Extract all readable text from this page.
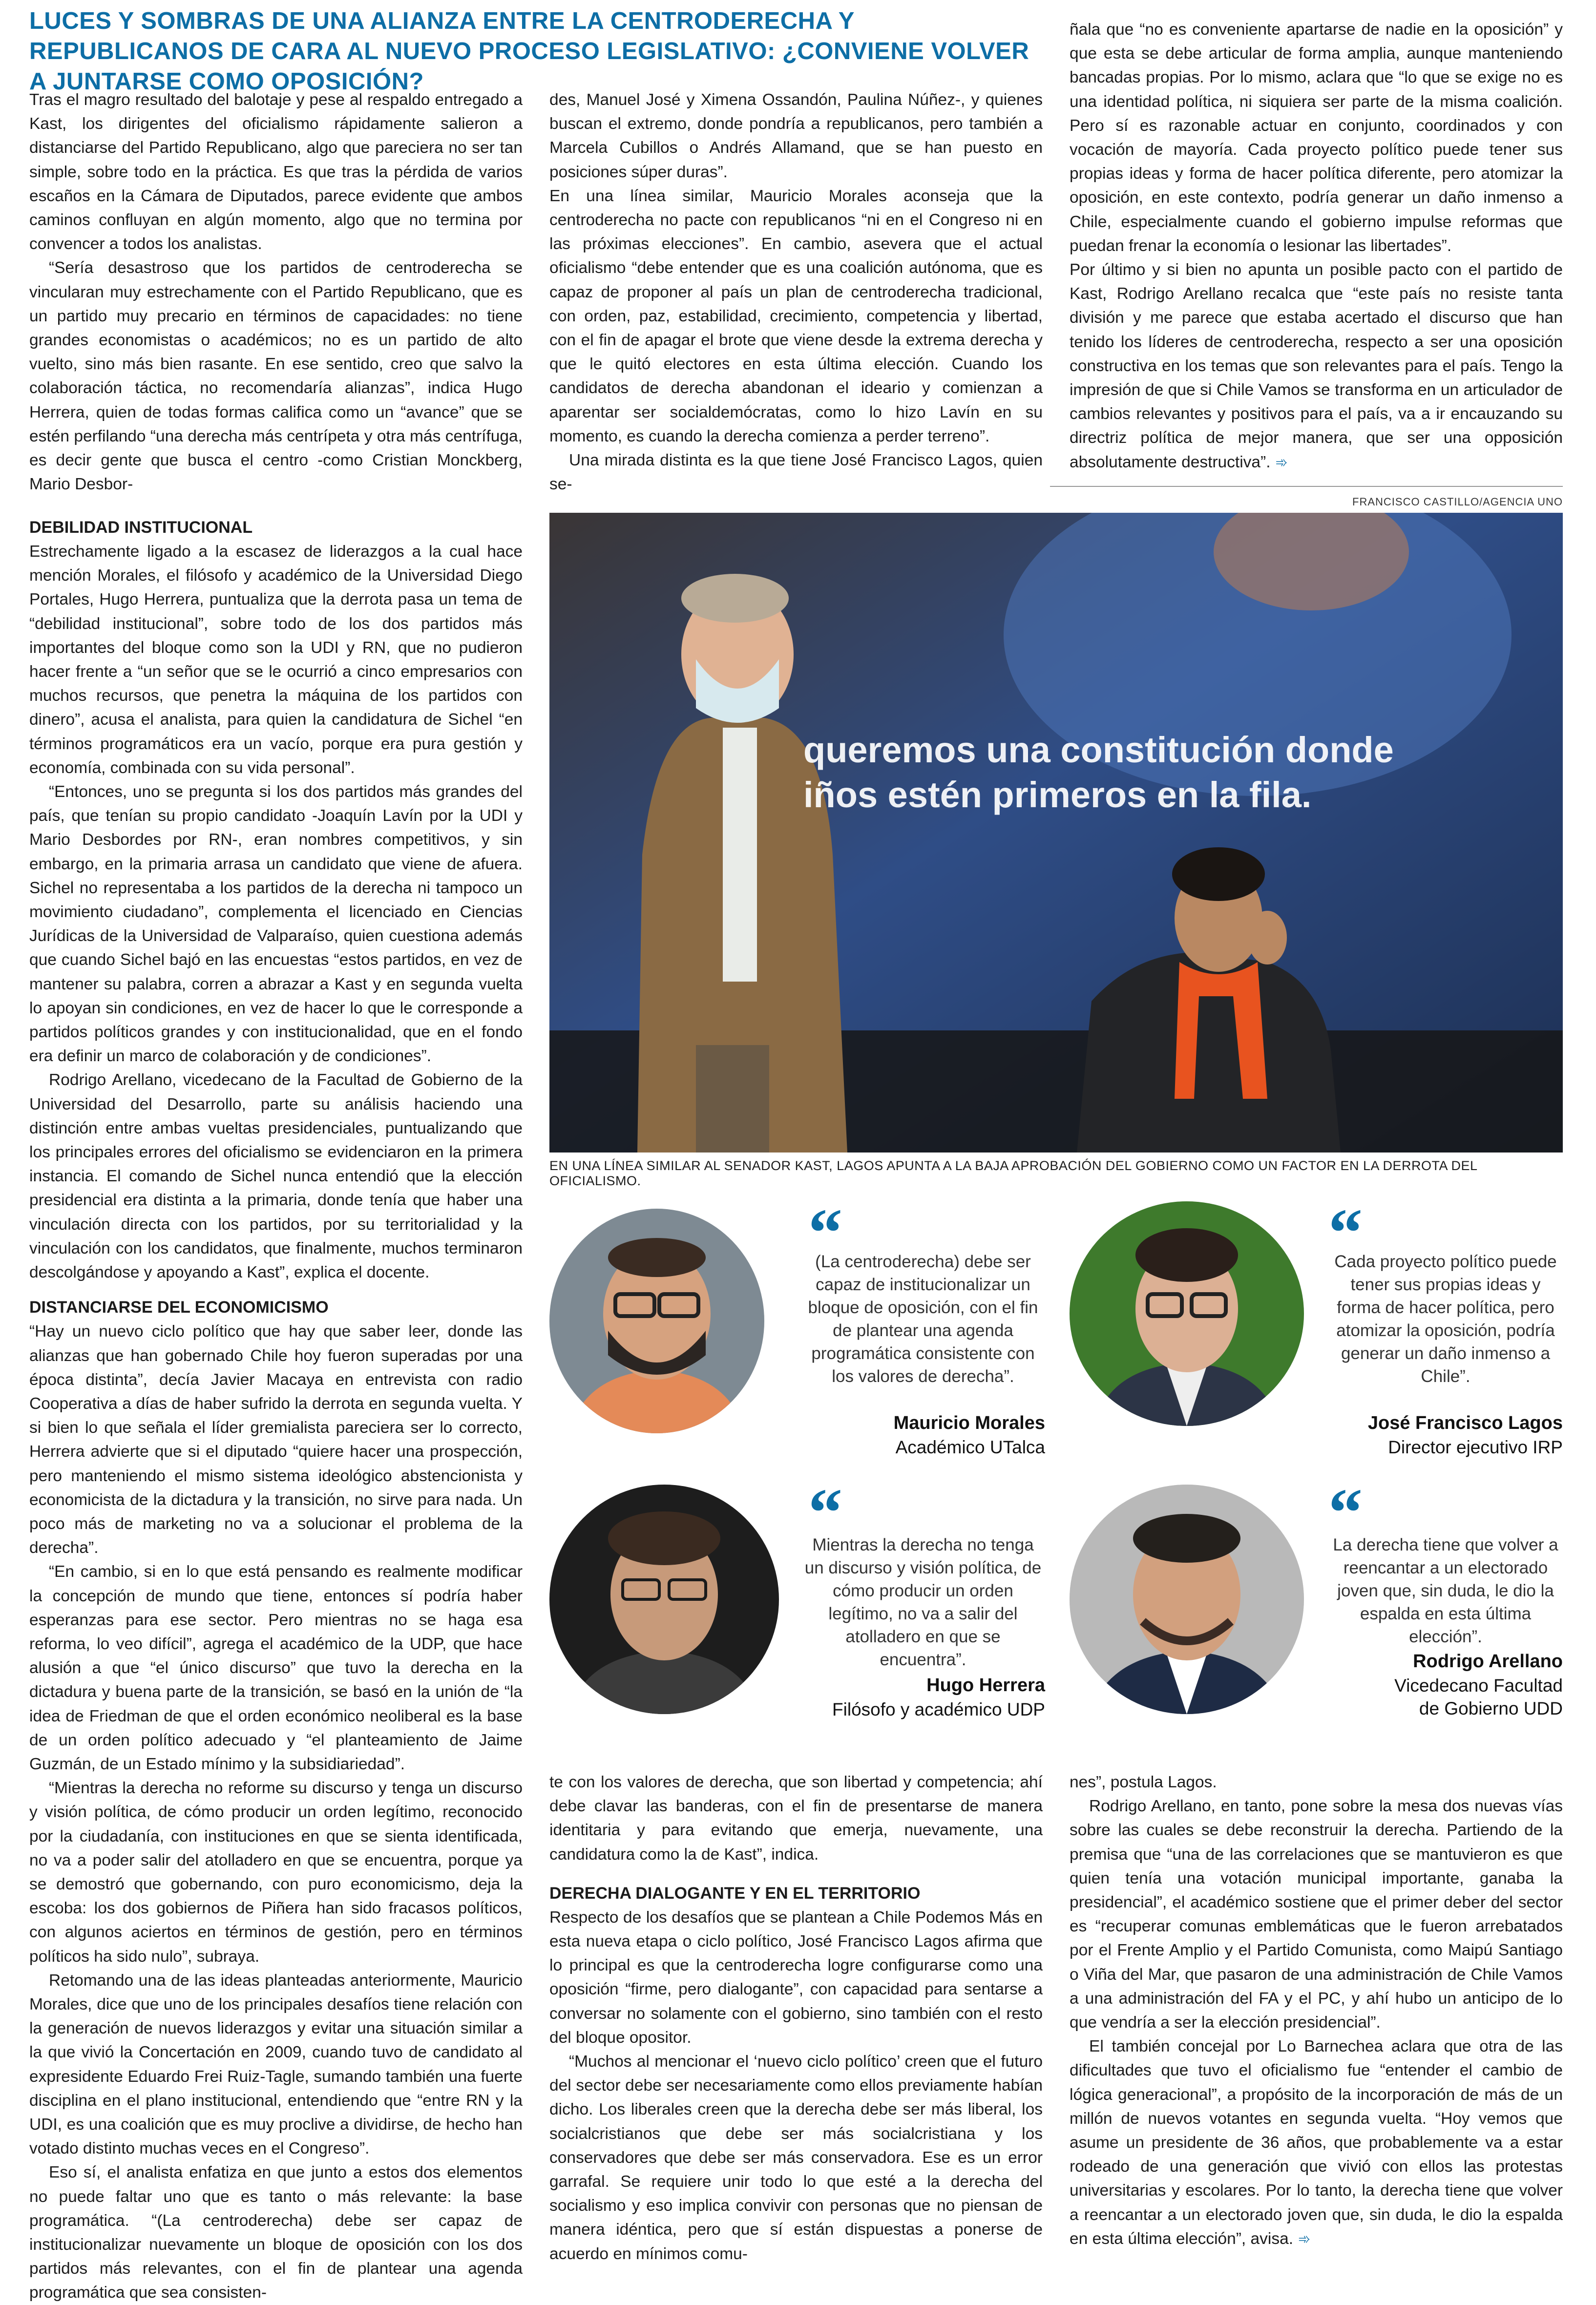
LUCES Y SOMBRAS DE UNA ALIANZA ENTRE LA CENTRODERECHA Y REPUBLICANOS DE CARA AL NUEVO PROCESO LEGISLATIVO: ¿CONVIENE VOLVER A JUNTARSE COMO OPOSICIÓN?

Tras el magro resultado del balotaje y pese al respaldo entregado a Kast, los dirigentes del oficialismo rápidamente salieron a distanciarse del Partido Republicano, algo que pareciera no ser tan simple, sobre todo en la práctica. Es que tras la pérdida de varios escaños en la Cámara de Diputados, parece evidente que ambos caminos confluyan en algún momento, algo que no termina por convencer a todos los analistas.

“Sería desastroso que los partidos de centroderecha se vincularan muy estrechamente con el Partido Republicano, que es un partido muy precario en términos de capacidades: no tiene grandes economistas o académicos; no es un partido de alto vuelto, sino más bien rasante. En ese sentido, creo que salvo la colaboración táctica, no recomendaría alianzas”, indica Hugo Herrera, quien de todas formas califica como un “avance” que se estén perfilando “una derecha más centrípeta y otra más centrífuga, es decir gente que busca el centro -como Cristian Monckberg, Mario Desbor-

des, Manuel José y Ximena Ossandón, Paulina Núñez-, y quienes buscan el extremo, donde pondría a republicanos, pero también a Marcela Cubillos o Andrés Allamand, que se han puesto en posiciones súper duras”.

En una línea similar, Mauricio Morales aconseja que la centroderecha no pacte con republicanos “ni en el Congreso ni en las próximas elecciones”. En cambio, asevera que el actual oficialismo “debe entender que es una coalición autónoma, que es capaz de proponer al país un plan de centroderecha tradicional, con orden, paz, estabilidad, crecimiento, competencia y libertad, con el fin de apagar el brote que viene desde la extrema derecha y que le quitó electores en esta última elección. Cuando los candidatos de derecha abandonan el ideario y comienzan a aparentar ser socialdemócratas, como lo hizo Lavín en su momento, es cuando la derecha comienza a perder terreno”.

Una mirada distinta es la que tiene José Francisco Lagos, quien se-

ñala que “no es conveniente apartarse de nadie en la oposición” y que esta se debe articular de forma amplia, aunque manteniendo bancadas propias. Por lo mismo, aclara que “lo que se exige no es una identidad política, ni siquiera ser parte de la misma coalición. Pero sí es razonable actuar en conjunto, coordinados y con vocación de mayoría. Cada proyecto político puede tener sus propias ideas y forma de hacer política diferente, pero atomizar la oposición, en este contexto, podría generar un daño inmenso a Chile, especialmente cuando el gobierno impulse reformas que puedan frenar la economía o lesionar las libertades”.

Por último y si bien no apunta un posible pacto con el partido de Kast, Rodrigo Arellano recalca que “este país no resiste tanta división y me parece que estaba acertado el discurso que han tenido los líderes de centroderecha, respecto a ser una oposición constructiva en los temas que son relevantes para el país. Tengo la impresión de que si Chile Vamos se transforma en un articulador de cambios relevantes y positivos para el país, va a ir encauzando su directriz política de mejor manera, que ser una opposición absolutamente destructiva”. ➾

FRANCISCO CASTILLO/AGENCIA UNO
queremos una constitución donde
iños estén primeros en la fila.
EN UNA LÍNEA SIMILAR AL SENADOR KAST, LAGOS APUNTA A LA BAJA APROBACIÓN DEL GOBIERNO COMO UN FACTOR EN LA DERROTA DEL OFICIALISMO.
DEBILIDAD INSTITUCIONAL

Estrechamente ligado a la escasez de liderazgos a la cual hace mención Morales, el filósofo y académico de la Universidad Diego Portales, Hugo Herrera, puntualiza que la derrota pasa un tema de “debilidad institucional”, sobre todo de los dos partidos más importantes del bloque como son la UDI y RN, que no pudieron hacer frente a “un señor que se le ocurrió a cinco empresarios con muchos recursos, que penetra la máquina de los partidos con dinero”, acusa el analista, para quien la candidatura de Sichel “en términos programáticos era un vacío, porque era pura gestión y economía, combinada con su vida personal”.

“Entonces, uno se pregunta si los dos partidos más grandes del país, que tenían su propio candidato -Joaquín Lavín por la UDI y Mario Desbordes por RN-, eran nombres competitivos, y sin embargo, en la primaria arrasa un candidato que viene de afuera. Sichel no representaba a los partidos de la derecha ni tampoco un movimiento ciudadano”, complementa el licenciado en Ciencias Jurídicas de la Universidad de Valparaíso, quien cuestiona además que cuando Sichel bajó en las encuestas “estos partidos, en vez de mantener su palabra, corren a abrazar a Kast y en segunda vuelta lo apoyan sin condiciones, en vez de hacer lo que le corresponde a partidos políticos grandes y con institucionalidad, que en el fondo era definir un marco de colaboración y de condiciones”.

Rodrigo Arellano, vicedecano de la Facultad de Gobierno de la Universidad del Desarrollo, parte su análisis haciendo una distinción entre ambas vueltas presidenciales, puntualizando que los principales errores del oficialismo se evidenciaron en la primera instancia. El comando de Sichel nunca entendió que la elección presidencial era distinta a la primaria, donde tenía que haber una vinculación directa con los partidos, por su territorialidad y la vinculación con los candidatos, que finalmente, muchos terminaron descolgándose y apoyando a Kast”, explica el docente.

DISTANCIARSE DEL ECONOMICISMO

“Hay un nuevo ciclo político que hay que saber leer, donde las alianzas que han gobernado Chile hoy fueron superadas por una época distinta”, decía Javier Macaya en entrevista con radio Cooperativa a días de haber sufrido la derrota en segunda vuelta. Y si bien lo que señala el líder gremialista pareciera ser lo correcto, Herrera advierte que si el diputado “quiere hacer una prospección, pero manteniendo el mismo sistema ideológico abstencionista y economicista de la dictadura y la transición, no sirve para nada. Un poco más de marketing no va a solucionar el problema de la derecha”.

“En cambio, si en lo que está pensando es realmente modificar la concepción de mundo que tiene, entonces sí podría haber esperanzas para ese sector. Pero mientras no se haga esa reforma, lo veo difícil”, agrega el académico de la UDP, que hace alusión a que “el único discurso” que tuvo la derecha en la dictadura y buena parte de la transición, se basó en la unión de “la idea de Friedman de que el orden económico neoliberal es la base de un orden político adecuado y “el planteamiento de Jaime Guzmán, de un Estado mínimo y la subsidiariedad”.

“Mientras la derecha no reforme su discurso y tenga un discurso y visión política, de cómo producir un orden legítimo, reconocido por la ciudadanía, con instituciones en que se sienta identificada, no va a poder salir del atolladero en que se encuentra, porque ya se demostró que gobernando, con puro economicismo, deja la escoba: los dos gobiernos de Piñera han sido fracasos políticos, con algunos aciertos en términos de gestión, pero en términos políticos ha sido nulo”, subraya.

Retomando una de las ideas planteadas anteriormente, Mauricio Morales, dice que uno de los principales desafíos tiene relación con la generación de nuevos liderazgos y evitar una situación similar a la que vivió la Concertación en 2009, cuando tuvo de candidato al expresidente Eduardo Frei Ruiz-Tagle, sumando también una fuerte disciplina en el plano institucional, entendiendo que “entre RN y la UDI, es una coalición que es muy proclive a dividirse, de hecho han votado distinto muchas veces en el Congreso”.

Eso sí, el analista enfatiza en que junto a estos dos elementos no puede faltar uno que es tanto o más relevante: la base programática. “(La centroderecha) debe ser capaz de institucionalizar nuevamente un bloque de oposición con los dos partidos más relevantes, con el fin de plantear una agenda programática que sea consisten-

“
(La centroderecha) debe ser capaz de institucionalizar un bloque de oposición, con el fin de plantear una agenda programática consistente con los valores de derecha”.
Mauricio Morales
Académico UTalca
“
Cada proyecto político puede tener sus propias ideas y forma de hacer política, pero atomizar la oposición, podría generar un daño inmenso a Chile”.
José Francisco Lagos
Director ejecutivo IRP
“
Mientras la derecha no tenga un discurso y visión política, de cómo producir un orden legítimo, no va a salir del atolladero en que se encuentra”.
Hugo Herrera
Filósofo y académico UDP
“
La derecha tiene que volver a reencantar a un electorado joven que, sin duda, le dio la espalda en esta última elección”.
Rodrigo Arellano
Vicedecano Facultad de Gobierno UDD

te con los valores de derecha, que son libertad y competencia; ahí debe clavar las banderas, con el fin de presentarse de manera identitaria y para evitando que emerja, nuevamente, una candidatura como la de Kast”, indica.

DERECHA DIALOGANTE Y EN EL TERRITORIO

Respecto de los desafíos que se plantean a Chile Podemos Más en esta nueva etapa o ciclo político, José Francisco Lagos afirma que lo principal es que la centroderecha logre configurarse como una oposición “firme, pero dialogante”, con capacidad para sentarse a conversar no solamente con el gobierno, sino también con el resto del bloque opositor.

“Muchos al mencionar el ‘nuevo ciclo político’ creen que el futuro del sector debe ser necesariamente como ellos previamente habían dicho. Los liberales creen que la derecha debe ser más liberal, los socialcristianos que debe ser más socialcristiana y los conservadores que debe ser más conservadora. Ese es un error garrafal. Se requiere unir todo lo que esté a la derecha del socialismo y eso implica convivir con personas que no piensan de manera idéntica, pero que sí están dispuestas a ponerse de acuerdo en mínimos comu-

nes”, postula Lagos.

Rodrigo Arellano, en tanto, pone sobre la mesa dos nuevas vías sobre las cuales se debe reconstruir la derecha. Partiendo de la premisa que “una de las correlaciones que se mantuvieron es que quien tenía una votación municipal importante, ganaba la presidencial”, el académico sostiene que el primer deber del sector es “recuperar comunas emblemáticas que le fueron arrebatados por el Frente Amplio y el Partido Comunista, como Maipú Santiago o Viña del Mar, que pasaron de una administración de Chile Vamos a una administración del FA y el PC, y ahí hubo un anticipo de lo que vendría a ser la elección presidencial”.

El también concejal por Lo Barnechea aclara que otra de las dificultades que tuvo el oficialismo fue “entender el cambio de lógica generacional”, a propósito de la incorporación de más de un millón de nuevos votantes en segunda vuelta. “Hoy vemos que asume un presidente de 36 años, que probablemente va a estar rodeado de una generación que vivió con ellos las protestas universitarias y escolares. Por lo tanto, la derecha tiene que volver a reencantar a un electorado joven que, sin duda, le dio la espalda en esta última elección”, avisa. ➾
